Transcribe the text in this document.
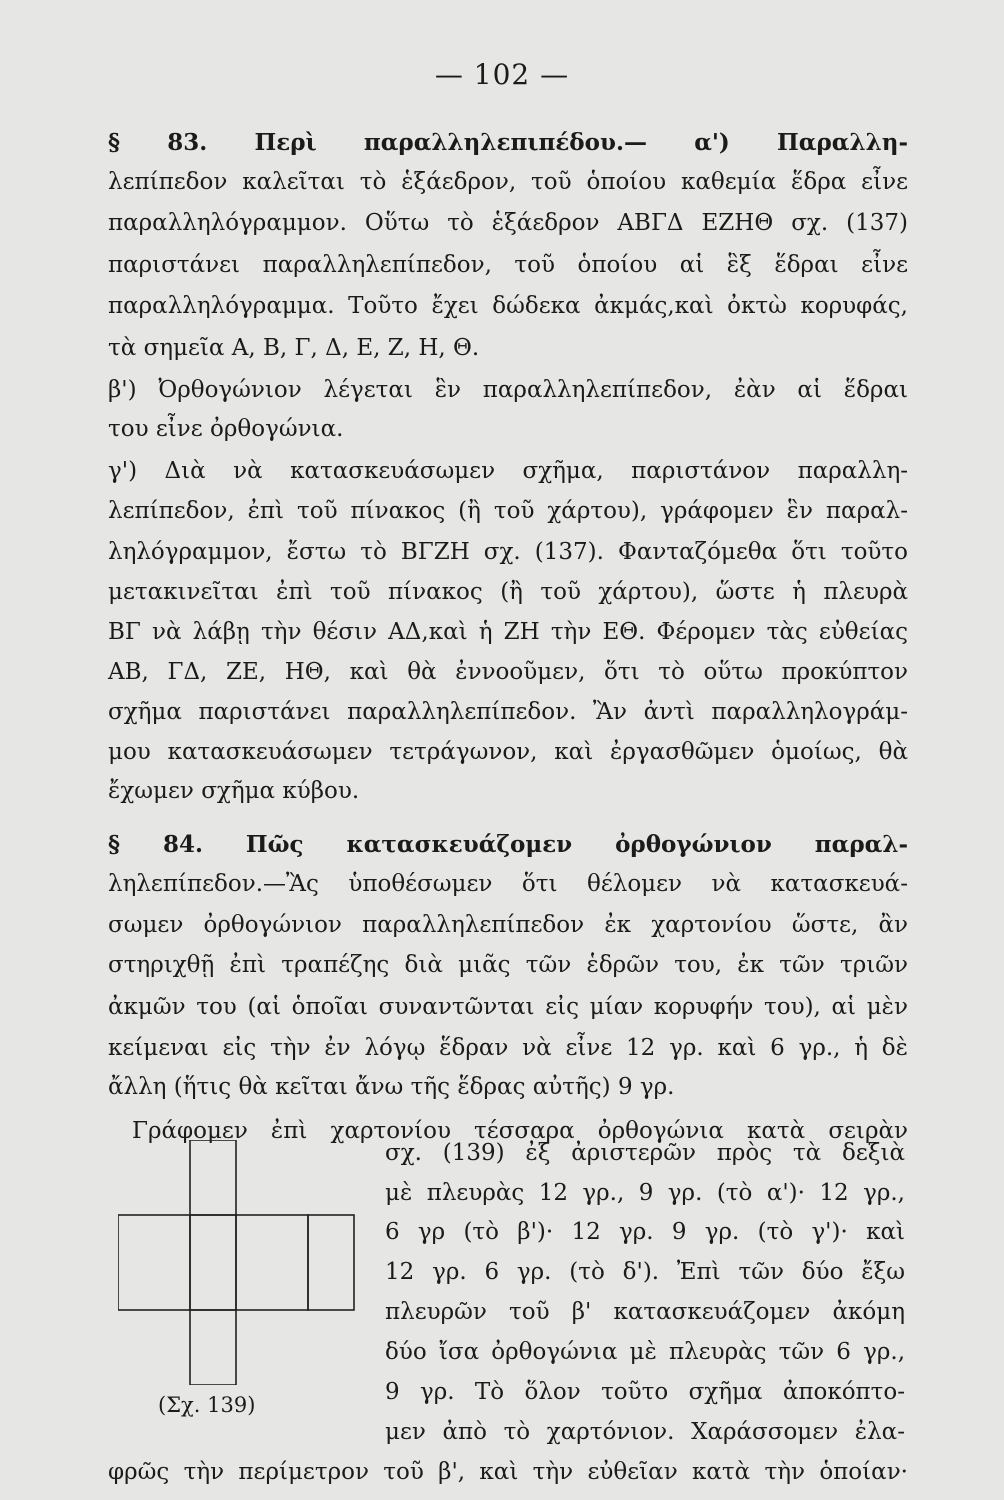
— 102 —
§ 83. Περὶ παραλληλεπιπέδου.— α') Παραλλη-
λεπίπεδον καλεῖται τὸ ἑξάεδρον, τοῦ ὁποίου καθεμία ἕδρα εἶνε
παραλληλόγραμμον. Οὕτω τὸ ἑξάεδρον ΑΒΓΔ ΕΖΗΘ σχ. (137)
παριστάνει παραλληλεπίπεδον, τοῦ ὁποίου αἱ ἓξ ἕδραι εἶνε
παραλληλόγραμμα. Τοῦτο ἔχει δώδεκα ἀκμάς,καὶ ὀκτὼ κορυφάς,
τὰ σημεῖα Α, Β, Γ, Δ, Ε, Ζ, Η, Θ.
β') Ὀρθογώνιον λέγεται ἓν παραλληλεπίπεδον, ἐὰν αἱ ἕδραι
του εἶνε ὀρθογώνια.
γ') Διὰ νὰ κατασκευάσωμεν σχῆμα, παριστάνον παραλλη-
λεπίπεδον, ἐπὶ τοῦ πίνακος (ἢ τοῦ χάρτου), γράφομεν ἓν παραλ-
ληλόγραμμον, ἔστω τὸ ΒΓΖΗ σχ. (137). Φανταζόμεθα ὅτι τοῦτο
μετακινεῖται ἐπὶ τοῦ πίνακος (ἢ τοῦ χάρτου), ὥστε ἡ πλευρὰ
ΒΓ νὰ λάβῃ τὴν θέσιν ΑΔ,καὶ ἡ ΖΗ τὴν ΕΘ. Φέρομεν τὰς εὐθείας
ΑΒ, ΓΔ, ΖΕ, ΗΘ, καὶ θὰ ἐννοοῦμεν, ὅτι τὸ οὕτω προκύπτον
σχῆμα παριστάνει παραλληλεπίπεδον. Ἂν ἀντὶ παραλληλογράμ-
μου κατασκευάσωμεν τετράγωνον, καὶ ἐργασθῶμεν ὁμοίως, θὰ
ἔχωμεν σχῆμα κύβου.
§ 84. Πῶς κατασκευάζομεν ὀρθογώνιον παραλ-
ληλεπίπεδον.—Ἂς ὑποθέσωμεν ὅτι θέλομεν νὰ κατασκευά-
σωμεν ὀρθογώνιον παραλληλεπίπεδον ἐκ χαρτονίου ὥστε, ἂν
στηριχθῇ ἐπὶ τραπέζης διὰ μιᾶς τῶν ἑδρῶν του, ἐκ τῶν τριῶν
ἀκμῶν του (αἱ ὁποῖαι συναντῶνται εἰς μίαν κορυφήν του), αἱ μὲν
κείμεναι εἰς τὴν ἐν λόγῳ ἕδραν νὰ εἶνε 12 γρ. καὶ 6 γρ., ἡ δὲ
ἄλλη (ἥτις θὰ κεῖται ἄνω τῆς ἕδρας αὐτῆς) 9 γρ.
Γράφομεν ἐπὶ χαρτονίου τέσσαρα ὀρθογώνια κατὰ σειρὰν
σχ. (139) ἐξ ἀριστερῶν πρὸς τὰ δεξιὰ
μὲ πλευρὰς 12 γρ., 9 γρ. (τὸ α')· 12 γρ.,
6 γρ (τὸ β')· 12 γρ. 9 γρ. (τὸ γ')· καὶ
12 γρ. 6 γρ. (τὸ δ'). Ἐπὶ τῶν δύο ἔξω
πλευρῶν τοῦ β' κατασκευάζομεν ἀκόμη
δύο ἴσα ὀρθογώνια μὲ πλευρὰς τῶν 6 γρ.,
9 γρ. Τὸ ὅλον τοῦτο σχῆμα ἀποκόπτο-
μεν ἀπὸ τὸ χαρτόνιον. Χαράσσομεν ἐλα-
(Σχ. 139)
φρῶς τὴν περίμετρον τοῦ β', καὶ τὴν εὐθεῖαν κατὰ τὴν ὁποίαν·
